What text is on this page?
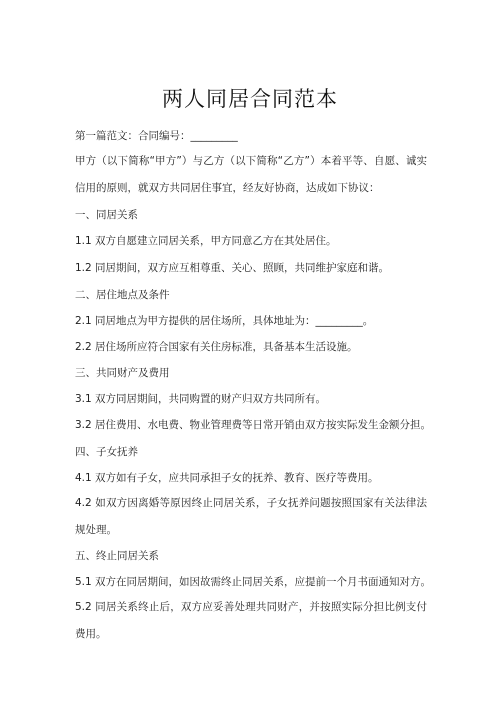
两人同居合同范本
第一篇范文：合同编号：_________
甲方（以下简称“甲方”）与乙方（以下简称“乙方”）本着平等、自愿、诚实信用的原则，就双方共同居住事宜，经友好协商，达成如下协议：
一、同居关系
1.1 双方自愿建立同居关系，甲方同意乙方在其处居住。
1.2 同居期间，双方应互相尊重、关心、照顾，共同维护家庭和谐。
二、居住地点及条件
2.1 同居地点为甲方提供的居住场所，具体地址为：_________。
2.2 居住场所应符合国家有关住房标准，具备基本生活设施。
三、共同财产及费用
3.1 双方同居期间，共同购置的财产归双方共同所有。
3.2 居住费用、水电费、物业管理费等日常开销由双方按实际发生金额分担。
四、子女抚养
4.1 双方如有子女，应共同承担子女的抚养、教育、医疗等费用。
4.2 如双方因离婚等原因终止同居关系，子女抚养问题按照国家有关法律法规处理。
五、终止同居关系
5.1 双方在同居期间，如因故需终止同居关系，应提前一个月书面通知对方。
5.2 同居关系终止后，双方应妥善处理共同财产，并按照实际分担比例支付费用。
